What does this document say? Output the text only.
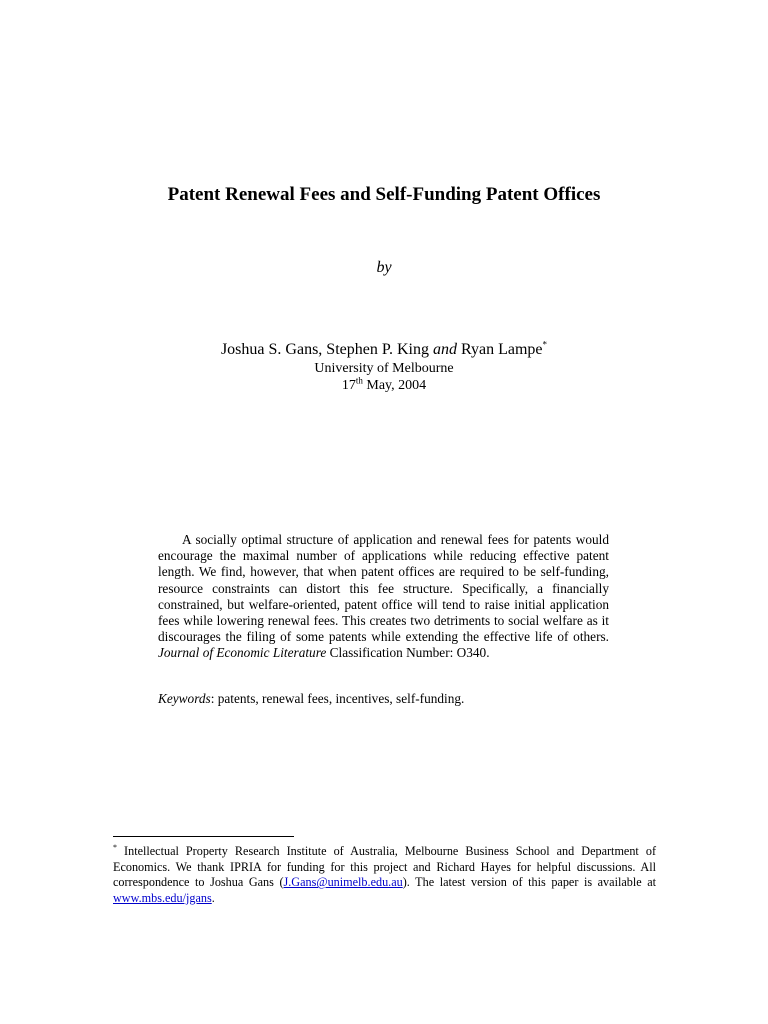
Patent Renewal Fees and Self-Funding Patent Offices
by
Joshua S. Gans, Stephen P. King and Ryan Lampe*
University of Melbourne
17th May, 2004

A socially optimal structure of application and renewal fees for patents would encourage the maximal number of applications while reducing effective patent length. We find, however, that when patent offices are required to be self-funding, resource constraints can distort this fee structure. Specifically, a financially constrained, but welfare-oriented, patent office will tend to raise initial application fees while lowering renewal fees. This creates two detriments to social welfare as it discourages the filing of some patents while extending the effective life of others. Journal of Economic Literature Classification Number: O340.

Keywords: patents, renewal fees, incentives, self-funding.

* Intellectual Property Research Institute of Australia, Melbourne Business School and Department of Economics. We thank IPRIA for funding for this project and Richard Hayes for helpful discussions. All correspondence to Joshua Gans (J.Gans@unimelb.edu.au). The latest version of this paper is available at www.mbs.edu/jgans.
